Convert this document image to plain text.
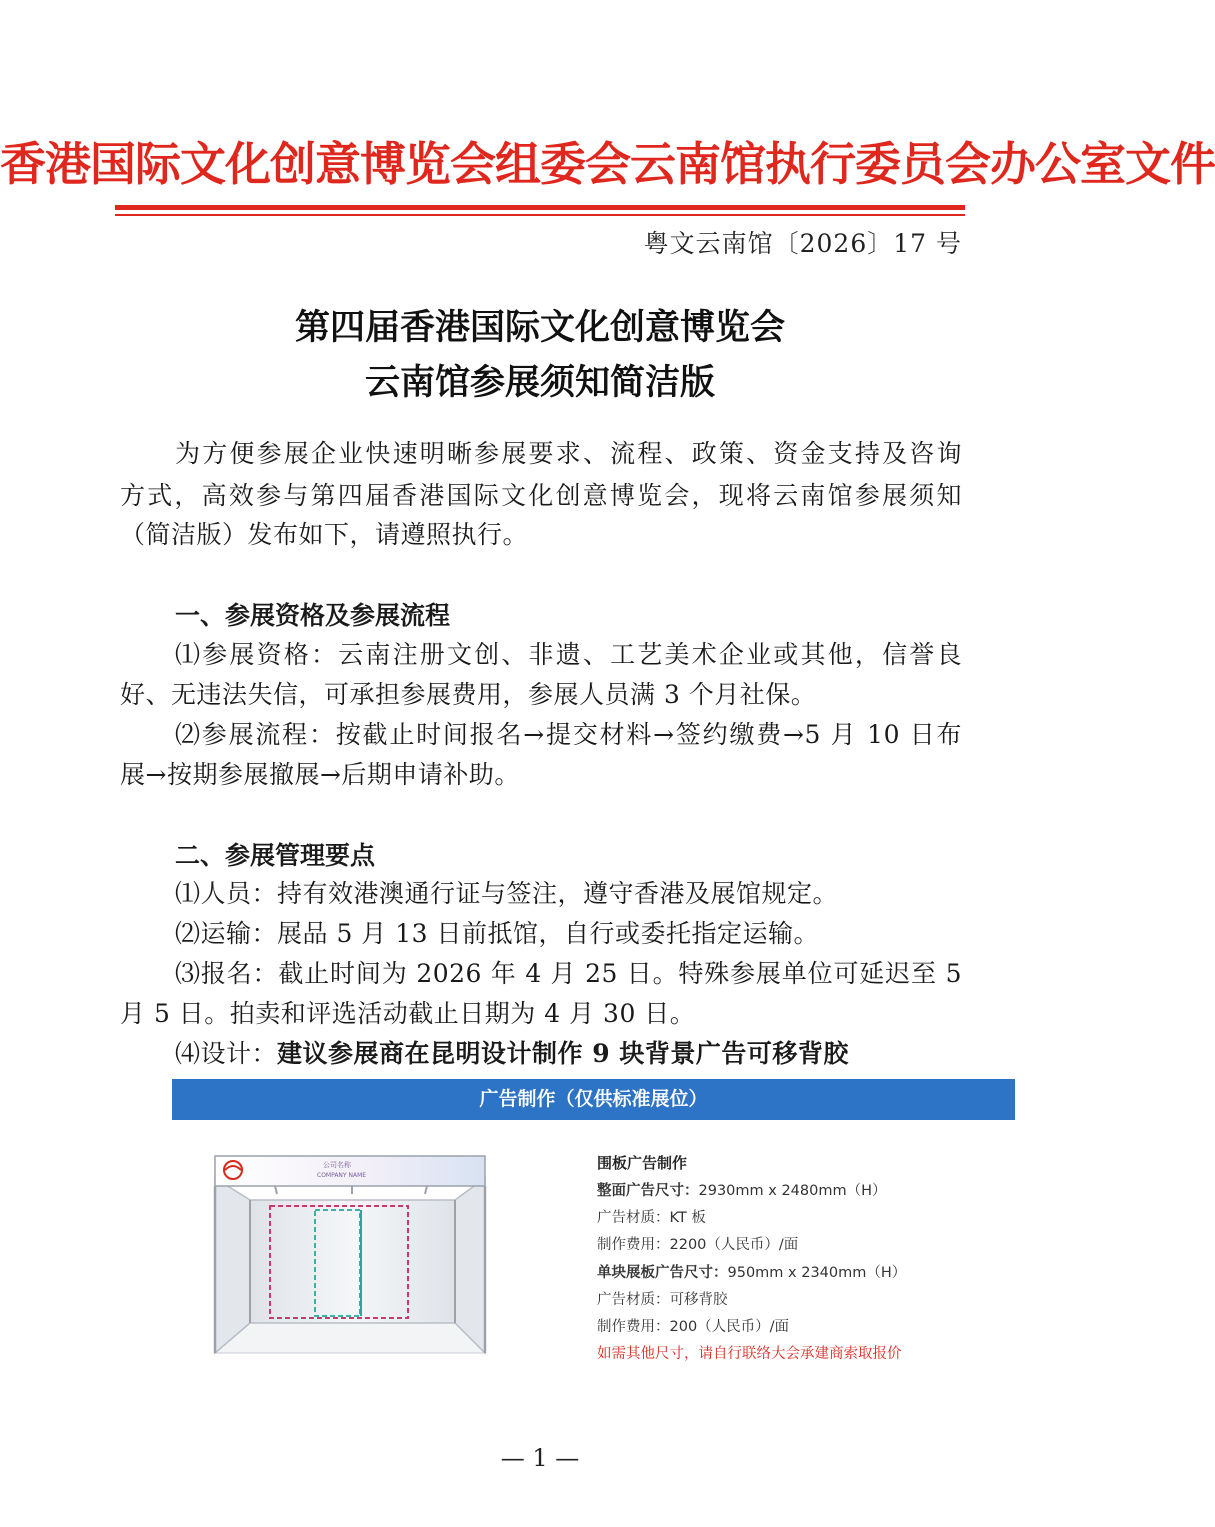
香港国际文化创意博览会组委会云南馆执行委员会办公室文件
粤文云南馆〔2026〕17 号
第四届香港国际文化创意博览会
云南馆参展须知简洁版
为方便参展企业快速明晰参展要求、流程、政策、资金支持及咨询
方式，高效参与第四届香港国际文化创意博览会，现将云南馆参展须知
（简洁版）发布如下，请遵照执行。
一、参展资格及参展流程
⑴参展资格：云南注册文创、非遗、工艺美术企业或其他，信誉良
好、无违法失信，可承担参展费用，参展人员满 3 个月社保。
⑵参展流程：按截止时间报名→提交材料→签约缴费→5 月 10 日布
展→按期参展撤展→后期申请补助。
二、参展管理要点
⑴人员：持有效港澳通行证与签注，遵守香港及展馆规定。
⑵运输：展品 5 月 13 日前抵馆，自行或委托指定运输。
⑶报名：截止时间为 2026 年 4 月 25 日。特殊参展单位可延迟至 5
月 5 日。拍卖和评选活动截止日期为 4 月 30 日。
⑷设计：建议参展商在昆明设计制作 9 块背景广告可移背胶
广告制作（仅供标准展位）
公司名称
COMPANY NAME
围板广告制作
整面广告尺寸：2930mm x 2480mm（H）
广告材质：KT 板
制作费用：2200（人民币）/面
单块展板广告尺寸：950mm x 2340mm（H）
广告材质：可移背胶
制作费用：200（人民币）/面
如需其他尺寸，请自行联络大会承建商索取报价
— 1 —
